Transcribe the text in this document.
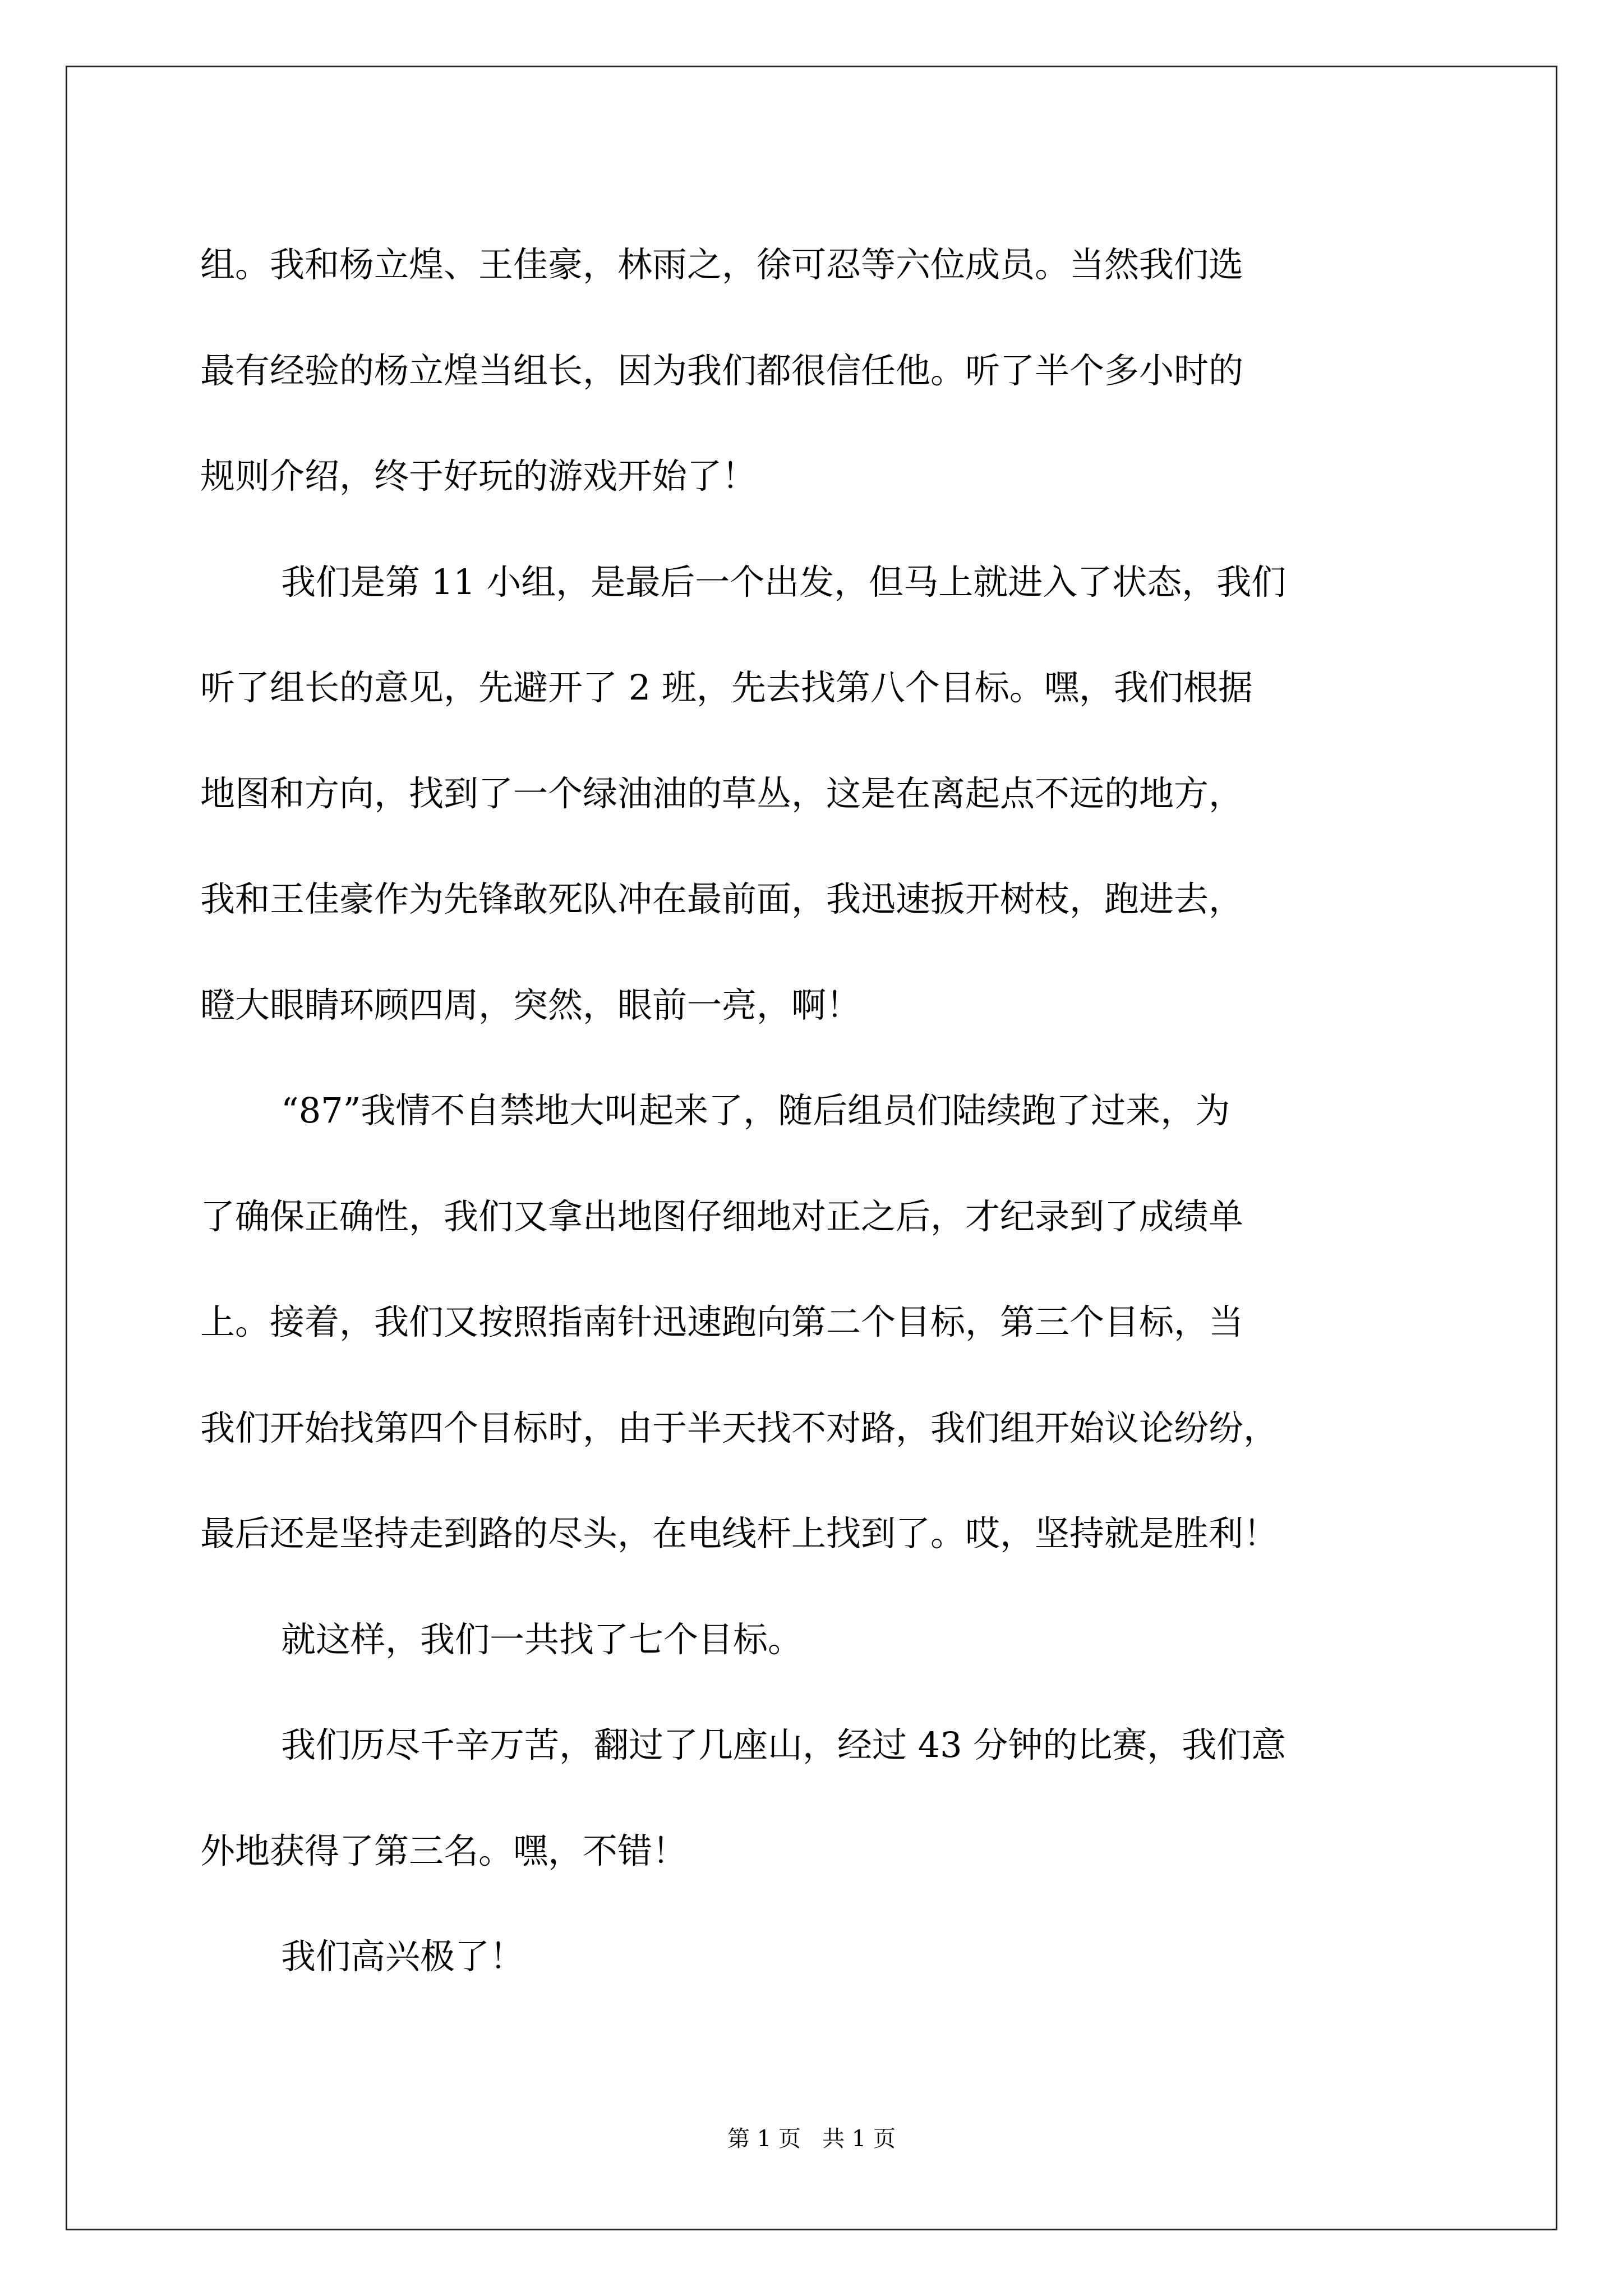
组。我和杨立煌、王佳豪，林雨之，徐可忍等六位成员。当然我们选
最有经验的杨立煌当组长，因为我们都很信任他。听了半个多小时的
规则介绍，终于好玩的游戏开始了！
我们是第 11 小组，是最后一个出发，但马上就进入了状态，我们
听了组长的意见，先避开了 2 班，先去找第八个目标。嘿，我们根据
地图和方向，找到了一个绿油油的草丛，这是在离起点不远的地方，
我和王佳豪作为先锋敢死队冲在最前面，我迅速扳开树枝，跑进去，
瞪大眼睛环顾四周，突然，眼前一亮，啊！
“87”我情不自禁地大叫起来了，随后组员们陆续跑了过来，为
了确保正确性，我们又拿出地图仔细地对正之后，才纪录到了成绩单
上。接着，我们又按照指南针迅速跑向第二个目标，第三个目标，当
我们开始找第四个目标时，由于半天找不对路，我们组开始议论纷纷，
最后还是坚持走到路的尽头，在电线杆上找到了。哎，坚持就是胜利！
就这样，我们一共找了七个目标。
我们历尽千辛万苦，翻过了几座山，经过 43 分钟的比赛，我们意
外地获得了第三名。嘿，不错！
我们高兴极了！
第 1 页   共 1 页
